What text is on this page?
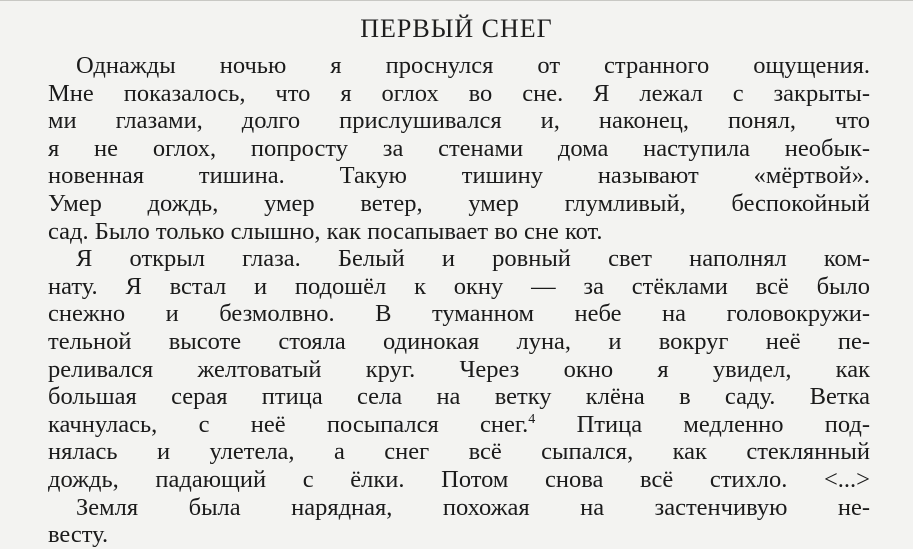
ПЕРВЫЙ СНЕГ
Однажды ночью я проснулся от странного ощущения.
Мне показалось, что я оглох во сне. Я лежал с закрыты-
ми глазами, долго прислушивался и, наконец, понял, что
я не оглох, попросту за стенами дома наступила необык-
новенная тишина. Такую тишину называют «мёртвой».
Умер дождь, умер ветер, умер глумливый, беспокойный
сад. Было только слышно, как посапывает во сне кот.
Я открыл глаза. Белый и ровный свет наполнял ком-
нату. Я встал и подошёл к окну — за стёклами всё было
снежно и безмолвно. В туманном небе на головокружи-
тельной высоте стояла одинокая луна, и вокруг неё пе-
реливался желтоватый круг. Через окно я увидел, как
большая серая птица села на ветку клёна в саду. Ветка
качнулась, с неё посыпался снег.$^4$ Птица медленно под-
нялась и улетела, а снег всё сыпался, как стеклянный
дождь, падающий с ёлки. Потом снова всё стихло. <...>
Земля была нарядная, похожая на застенчивую не-
весту.
